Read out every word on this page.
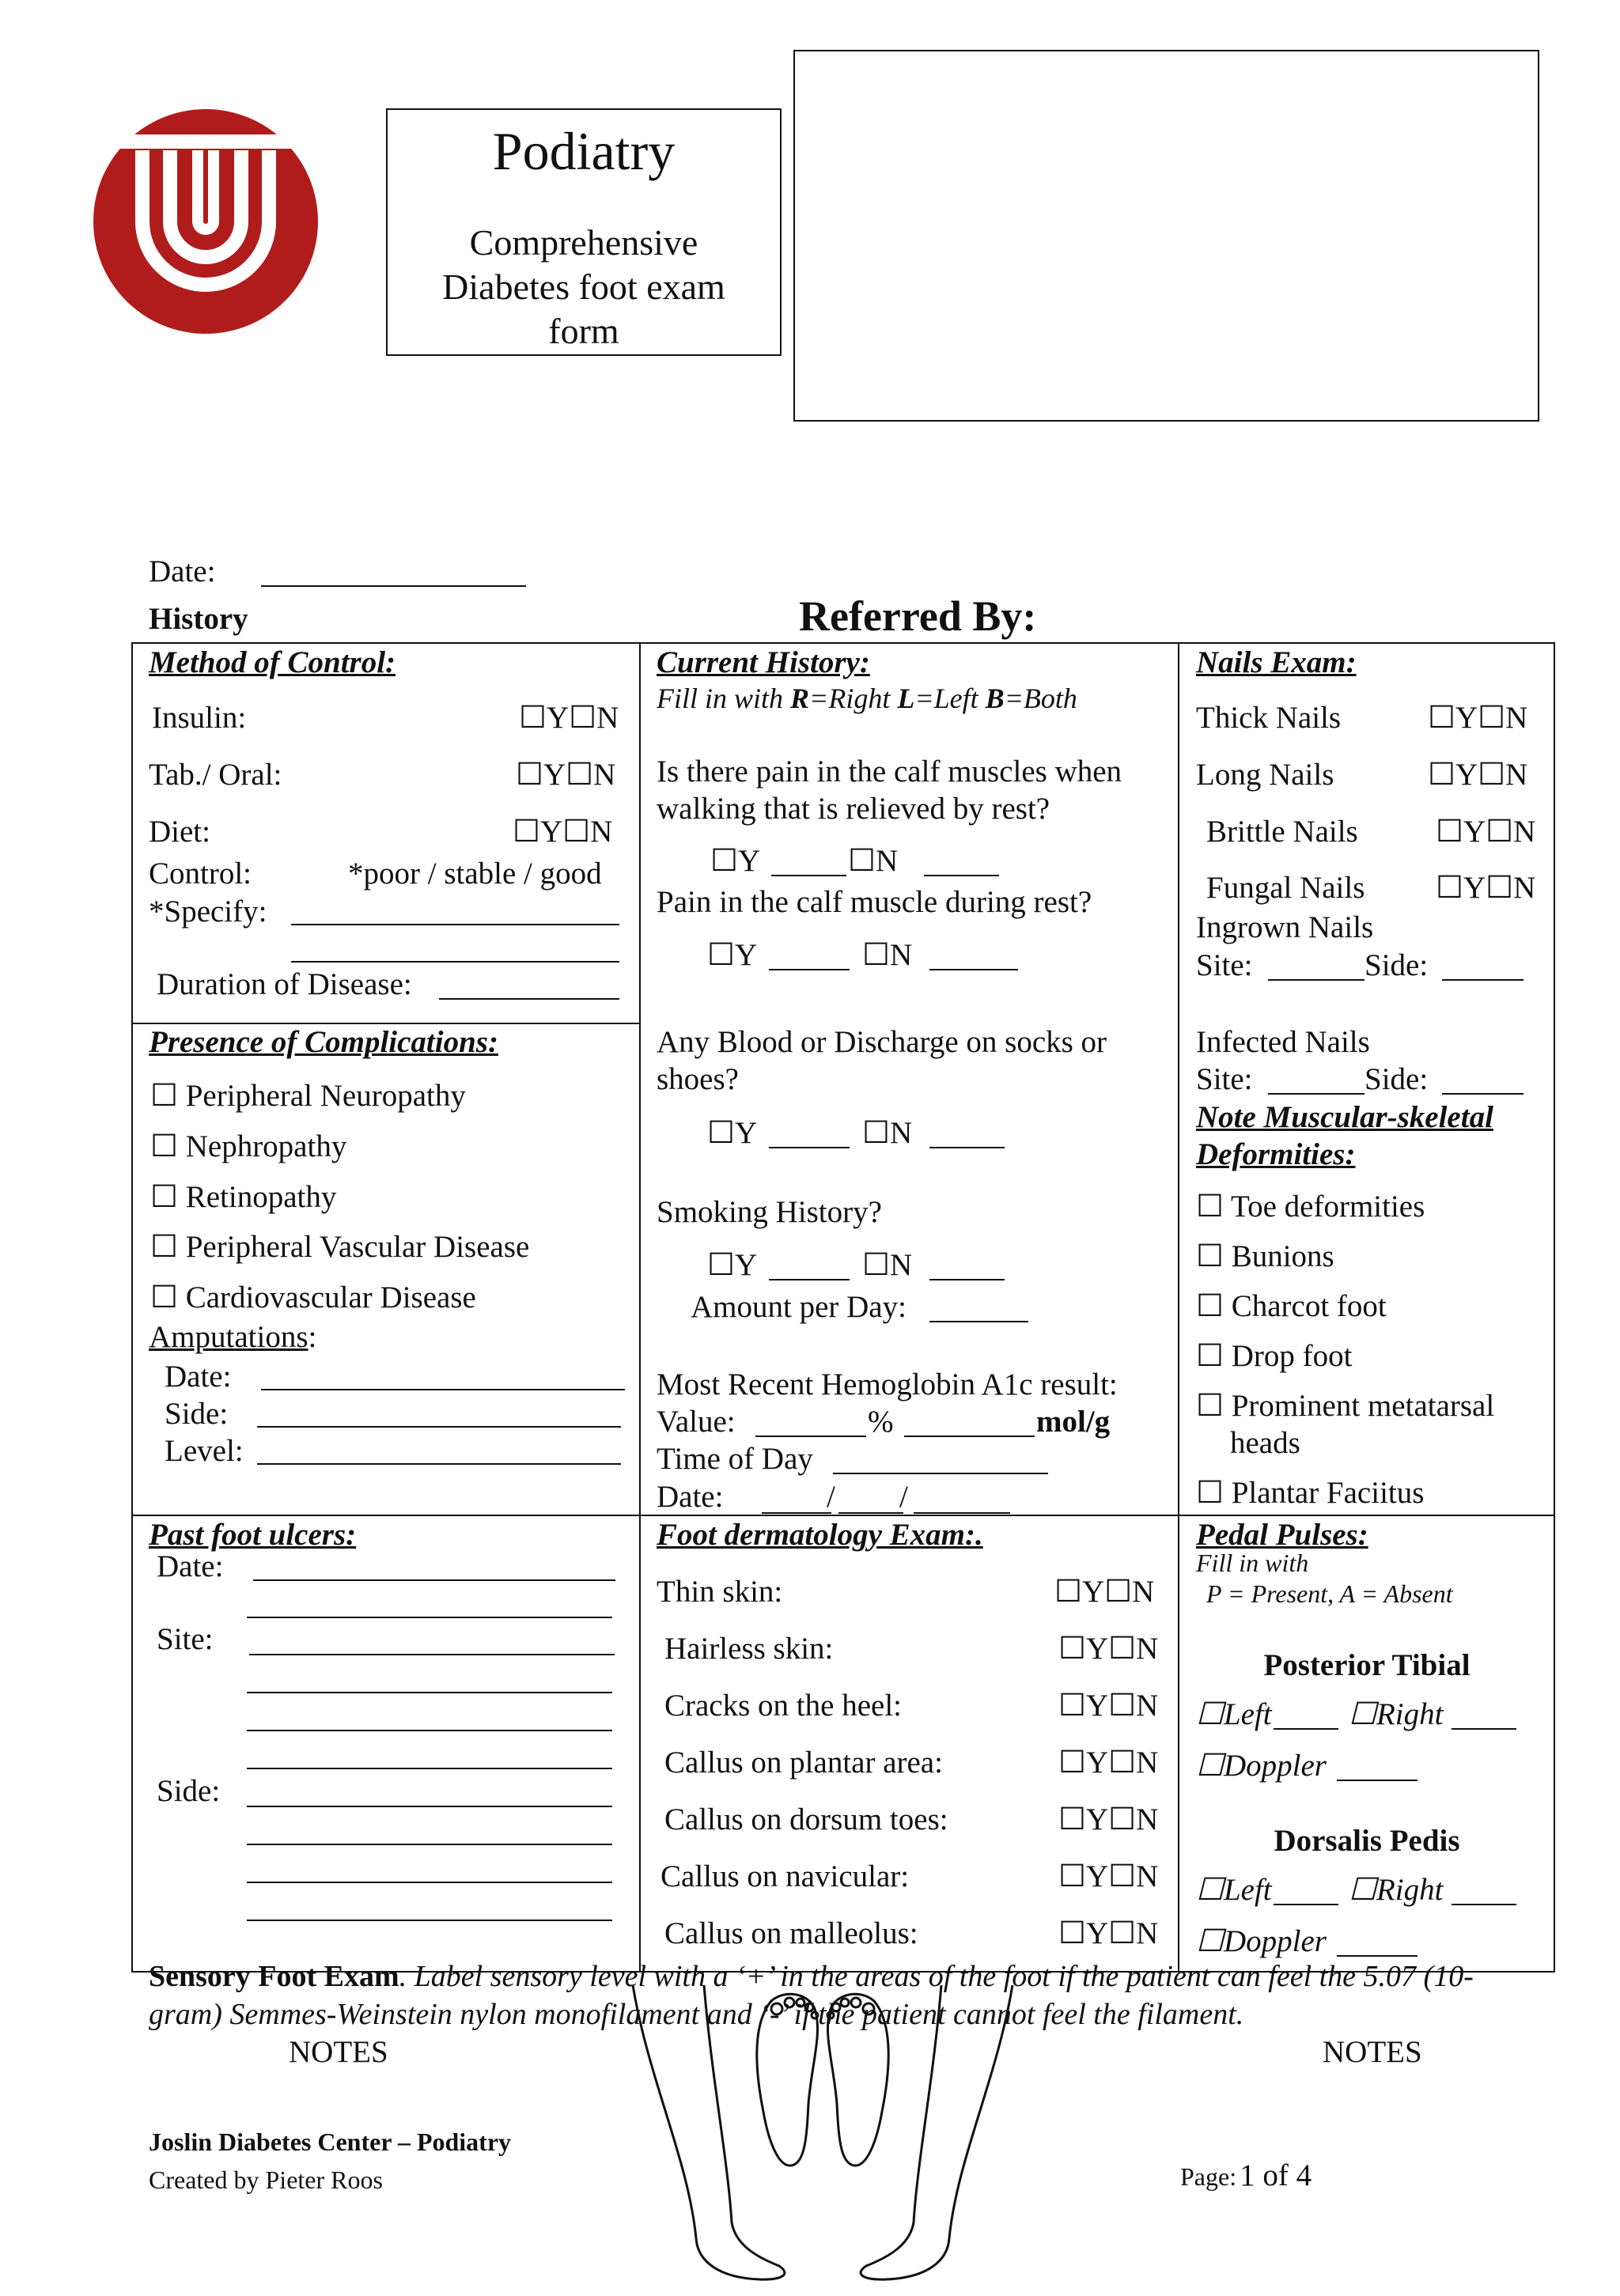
Podiatry
Comprehensive
Diabetes foot exam
form
Date:
History	Referred By:
Method of Control:
Insulin:	☐Y☐N
Tab./ Oral:	☐Y☐N
Diet:	☐Y☐N
Control:	*poor / stable / good
*Specify:
Duration of Disease:
Presence of Complications:
☐ Peripheral Neuropathy
☐ Nephropathy
☐ Retinopathy
☐ Peripheral Vascular Disease
☐ Cardiovascular Disease
Amputations:
Date:
Side:
Level:
Current History:
Fill in with R=Right L=Left B=Both
Is there pain in the calf muscles when
walking that is relieved by rest?
☐Y	☐N
Pain in the calf muscle during rest?
☐Y	☐N
Any Blood or Discharge on socks or
shoes?
☐Y	☐N
Smoking History?
☐Y	☐N
Amount per Day:
Most Recent Hemoglobin A1c result:
Value:	%	mol/g
Time of Day
Date:	/ /
Nails Exam:
Thick Nails	☐Y☐N
Long Nails	☐Y☐N
Brittle Nails	☐Y☐N
Fungal Nails ☐Y☐N
Ingrown Nails
Site:	Side:
Infected Nails
Site:	Side:
Note Muscular-skeletal
Deformities:
☐ Toe deformities
☐ Bunions
☐ Charcot foot
☐ Drop foot
☐ Prominent metatarsal
heads
☐ Plantar Faciitus
Past foot ulcers:
Date:
Site:
Side:
Foot dermatology Exam:.
Thin skin:	☐Y☐N
Hairless skin:	☐Y☐N
Cracks on the heel:	☐Y☐N
Callus on plantar area:	☐Y☐N
Callus on dorsum toes:	☐Y☐N
Callus on navicular:	☐Y☐N
Callus on malleolus:	☐Y☐N
Pedal Pulses:
Fill in with
P = Present, A = Absent
Posterior Tibial
☐Left ☐Right
☐Doppler
Dorsalis Pedis
☐Left ☐Right
☐Doppler
Sensory Foot Exam. Label sensory level with a ‘+’ in the areas of the foot if the patient can feel the 5.07 (10-
gram) Semmes-Weinstein nylon monofilament and ‘-’ if the patient cannot feel the filament.
NOTES	NOTES
Joslin Diabetes Center – Podiatry
Created by Pieter Roos	Page: 1 of 4
